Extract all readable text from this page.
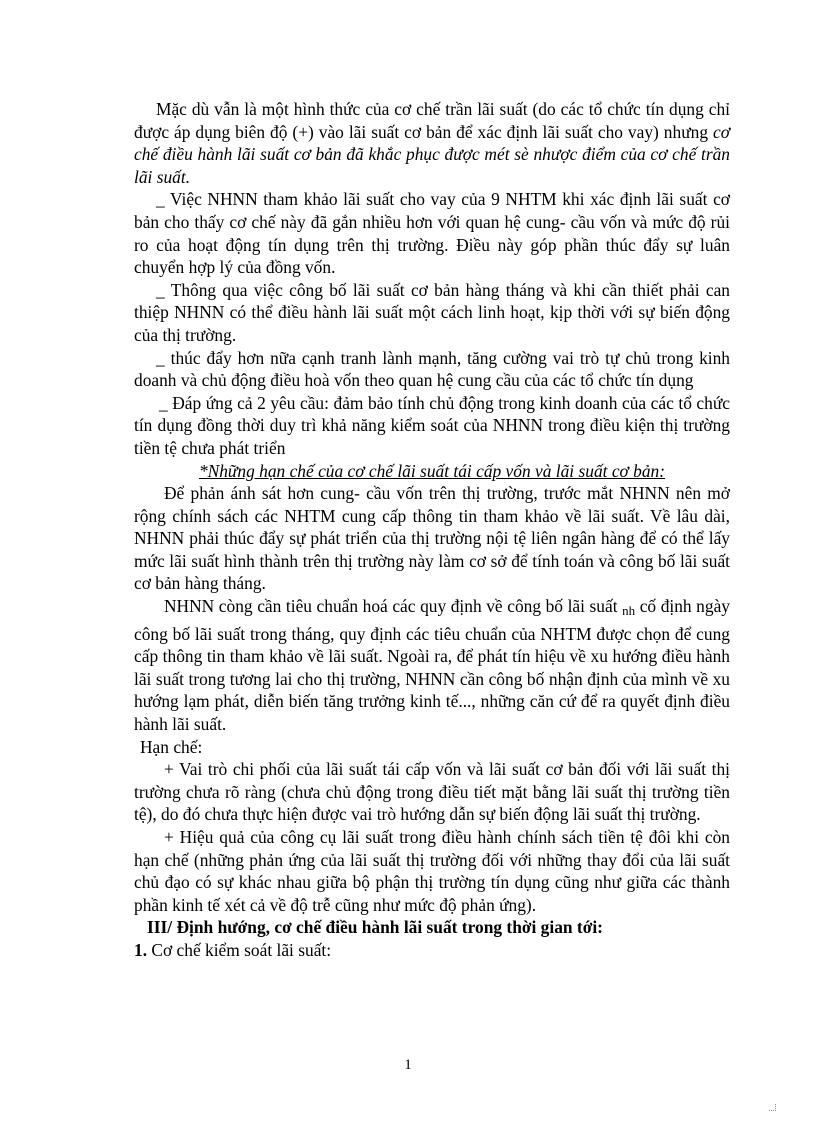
Mặc dù vẫn là một hình thức của cơ chế trần lãi suất (do các tổ chức tín dụng chỉ được áp dụng biên độ (+) vào lãi suất cơ bản để xác định lãi suất cho vay) nhưng cơ chế điều hành lãi suất cơ bản đã khắc phục được mét sè nhược điểm của cơ chế trần lãi suất.

_ Việc NHNN tham khảo lãi suất cho vay của 9 NHTM khi xác định lãi suất cơ bản cho thấy cơ chế này đã gắn nhiều hơn với quan hệ cung- cầu vốn và mức độ rủi ro của hoạt động tín dụng trên thị trường. Điều này góp phần thúc đẩy sự luân chuyển hợp lý của đồng vốn.

_ Thông qua việc công bố lãi suất cơ bản hàng tháng và khi cần thiết phải can thiệp NHNN có thể điều hành lãi suất một cách linh hoạt, kịp thời với sự biến động của thị trường.

_ thúc đẩy hơn nữa cạnh tranh lành mạnh, tăng cường vai trò tự chủ trong kinh doanh và chủ động điều hoà vốn theo quan hệ cung cầu của các tổ chức tín dụng

_ Đáp ứng cả 2 yêu cầu: đảm bảo tính chủ động trong kinh doanh của các tổ chức tín dụng đồng thời duy trì khả năng kiểm soát của NHNN trong điều kiện thị trường tiền tệ chưa phát triển

*Những hạn chế của cơ chế lãi suất tái cấp vốn và lãi suất cơ bản:

Để phản ánh sát hơn cung- cầu vốn trên thị trường, trước mắt NHNN nên mở rộng chính sách các NHTM cung cấp thông tin tham khảo về lãi suất. Về lâu dài, NHNN phải thúc đẩy sự phát triển của thị trường nội tệ liên ngân hàng để có thể lấy mức lãi suất hình thành trên thị trường này làm cơ sở để tính toán và công bố lãi suất cơ bản hàng tháng.

NHNN còng cần tiêu chuẩn hoá các quy định về công bố lãi suất nh cố định ngày công bố lãi suất trong tháng, quy định các tiêu chuẩn của NHTM được chọn để cung cấp thông tin tham khảo về lãi suất. Ngoài ra, để phát tín hiệu về xu hướng điều hành lãi suất trong tương lai cho thị trường, NHNN cần công bố nhận định của mình về xu hướng lạm phát, diễn biến tăng trưởng kinh tế..., những căn cứ để ra quyết định điều hành lãi suất.

Hạn chế:

+ Vai trò chi phối của lãi suất tái cấp vốn và lãi suất cơ bản đối với lãi suất thị trường chưa rõ ràng (chưa chủ động trong điều tiết mặt bằng lãi suất thị trường tiền tệ), do đó chưa thực hiện được vai trò hướng dẫn sự biến động lãi suất thị trường.

+ Hiệu quả của công cụ lãi suất trong điều hành chính sách tiền tệ đôi khi còn hạn chế (những phản ứng của lãi suất thị trường đối với những thay đổi của lãi suất chủ đạo có sự khác nhau giữa bộ phận thị trường tín dụng cũng như giữa các thành phần kinh tế xét cả về độ trễ cũng như mức độ phản ứng).

III/ Định hướng, cơ chế điều hành lãi suất trong thời gian tới:

1. Cơ chế kiểm soát lãi suất:

1
